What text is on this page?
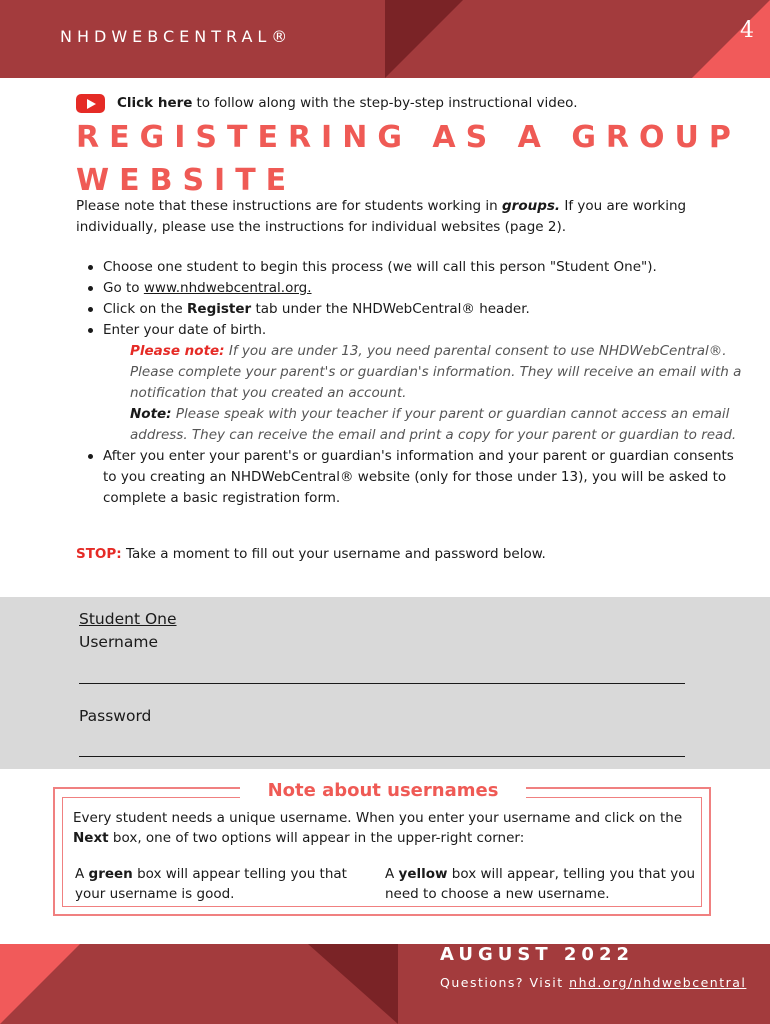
NHDWEBCENTRAL®	4
Click here to follow along with the step-by-step instructional video.
REGISTERING AS A GROUP
WEBSITE
Please note that these instructions are for students working in groups. If you are working individually, please use the instructions for individual websites (page 2).
Choose one student to begin this process (we will call this person "Student One").
Go to www.nhdwebcentral.org.
Click on the Register tab under the NHDWebCentral® header.
Enter your date of birth.
Please note: If you are under 13, you need parental consent to use NHDWebCentral®. Please complete your parent's or guardian's information. They will receive an email with a notification that you created an account.
Note: Please speak with your teacher if your parent or guardian cannot access an email address. They can receive the email and print a copy for your parent or guardian to read.
After you enter your parent's or guardian's information and your parent or guardian consents to you creating an NHDWebCentral® website (only for those under 13), you will be asked to complete a basic registration form.
STOP: Take a moment to fill out your username and password below.
Student One
Username
Password
Note about usernames
Every student needs a unique username. When you enter your username and click on the Next box, one of two options will appear in the upper-right corner:
A green box will appear telling you that your username is good.
A yellow box will appear, telling you that you need to choose a new username.
AUGUST 2022
Questions? Visit nhd.org/nhdwebcentral
